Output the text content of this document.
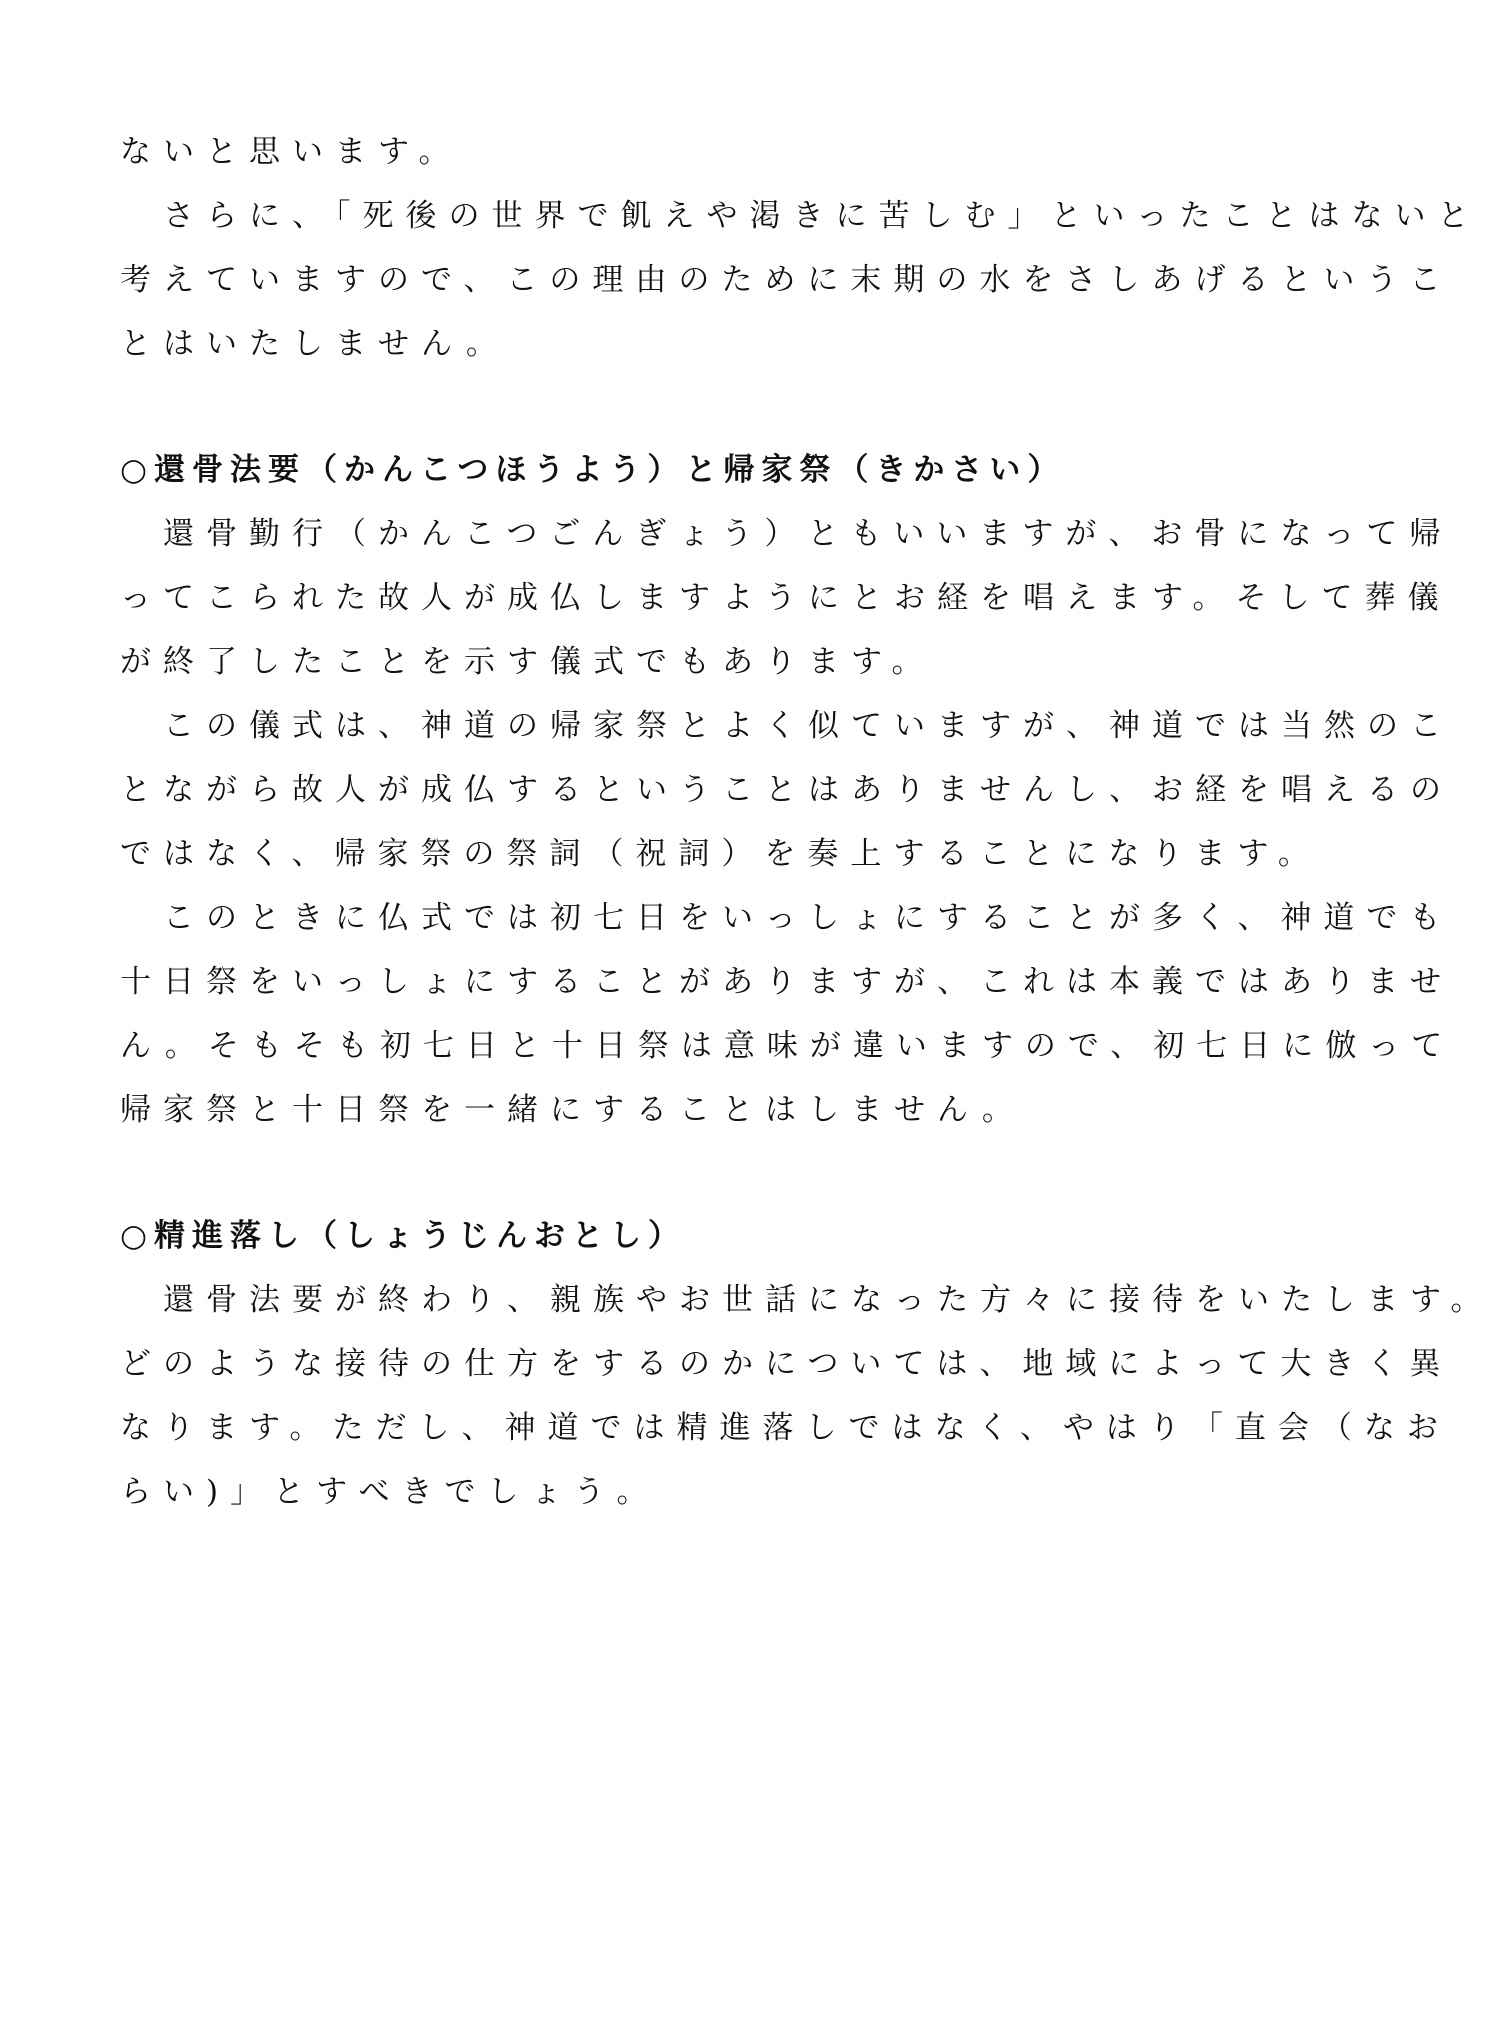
ないと思います。
　さらに、「死後の世界で飢えや渇きに苦しむ」といったことはないと
考えていますので、この理由のために末期の水をさしあげるというこ
とはいたしません。
○還骨法要（かんこつほうよう）と帰家祭（きかさい）
　還骨勤行（かんこつごんぎょう）ともいいますが、お骨になって帰
ってこられた故人が成仏しますようにとお経を唱えます。そして葬儀
が終了したことを示す儀式でもあります。
　この儀式は、神道の帰家祭とよく似ていますが、神道では当然のこ
とながら故人が成仏するということはありませんし、お経を唱えるの
ではなく、帰家祭の祭詞（祝詞）を奏上することになります。
　このときに仏式では初七日をいっしょにすることが多く、神道でも
十日祭をいっしょにすることがありますが、これは本義ではありませ
ん。そもそも初七日と十日祭は意味が違いますので、初七日に倣って
帰家祭と十日祭を一緒にすることはしません。
○精進落し（しょうじんおとし）
　還骨法要が終わり、親族やお世話になった方々に接待をいたします。
どのような接待の仕方をするのかについては、地域によって大きく異
なります。ただし、神道では精進落しではなく、やはり「直会（なお
らい)」とすべきでしょう。
